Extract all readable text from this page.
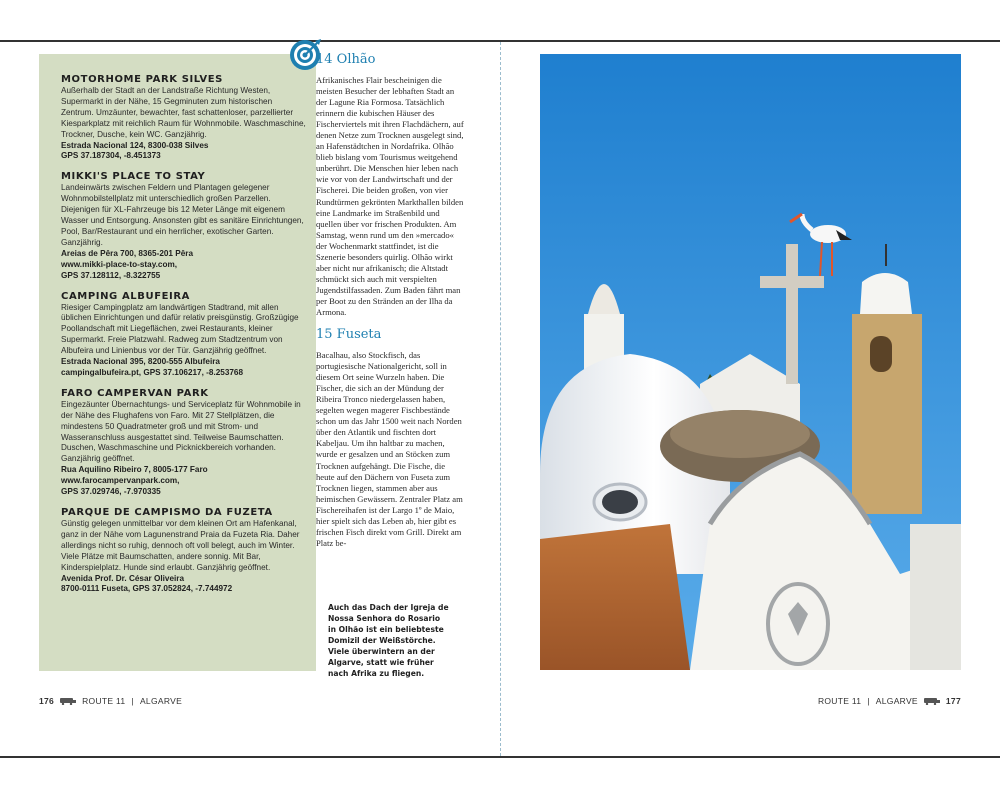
MOTORHOME PARK SILVES

Außerhalb der Stadt an der Landstraße Richtung Westen, Supermarkt in der Nähe, 15 Gegminuten zum historischen Zentrum. Umzäunter, bewachter, fast schattenloser, parzellierter Kiesparkplatz mit reichlich Raum für Wohnmobile. Waschmaschine, Trockner, Dusche, kein WC. Ganzjährig.

Estrada Nacional 124, 8300-038 Silves

GPS 37.187304, -8.451373

MIKKI'S PLACE TO STAY

Landeinwärts zwischen Feldern und Plantagen gelegener Wohnmobilstellplatz mit unterschiedlich großen Parzellen. Diejenigen für XL-Fahrzeuge bis 12 Meter Länge mit eigenem Wasser und Entsorgung. Ansonsten gibt es sanitäre Einrichtungen, Pool, Bar/Restaurant und ein herrlicher, exotischer Garten. Ganzjährig.

Areias de Pêra 700, 8365-201 Pêra

www.mikki-place-to-stay.com,

GPS 37.128112, -8.322755

CAMPING ALBUFEIRA

Riesiger Campingplatz am landwärtigen Stadtrand, mit allen üblichen Einrichtungen und dafür relativ preisgünstig. Großzügige Poollandschaft mit Liegeflächen, zwei Restaurants, kleiner Supermarkt. Freie Platzwahl. Radweg zum Stadtzentrum von Albufeira und Linienbus vor der Tür. Ganzjährig geöffnet.

Estrada Nacional 395, 8200-555 Albufeira

campingalbufeira.pt, GPS 37.106217, -8.253768

FARO CAMPERVAN PARK

Eingezäunter Übernachtungs- und Serviceplatz für Wohnmobile in der Nähe des Flughafens von Faro. Mit 27 Stellplätzen, die mindestens 50 Quadratmeter groß und mit Strom- und Wasseranschluss ausgestattet sind. Teilweise Baumschatten. Duschen, Waschmaschine und Picknickbereich vorhanden. Ganzjährig geöffnet.

Rua Aquilino Ribeiro 7, 8005-177 Faro

www.farocampervanpark.com,

GPS 37.029746, -7.970335

PARQUE DE CAMPISMO DA FUZETA

Günstig gelegen unmittelbar vor dem kleinen Ort am Hafenkanal, ganz in der Nähe vom Lagunenstrand Praia da Fuzeta Ria. Daher allerdings nicht so ruhig, dennoch oft voll belegt, auch im Winter. Viele Plätze mit Baumschatten, andere sonnig. Mit Bar, Kinderspielplatz. Hunde sind erlaubt. Ganzjährig geöffnet.

Avenida Prof. Dr. César Oliveira

8700-0111 Fuseta, GPS 37.052824, -7.744972

14 Olhão

Afrikanisches Flair bescheinigen die meisten Besucher der lebhaften Stadt an der Lagune Ria Formosa. Tatsächlich erinnern die kubischen Häuser des Fischerviertels mit ihren Flachdächern, auf denen Netze zum Trocknen ausgelegt sind, an Hafenstädtchen in Nordafrika. Olhão blieb bislang vom Tourismus weitgehend unberührt. Die Menschen hier leben nach wie vor von der Landwirtschaft und der Fischerei. Die beiden großen, von vier Rundtürmen gekrönten Markthallen bilden eine Landmarke im Straßenbild und quellen über vor frischen Produkten. Am Samstag, wenn rund um den »mercado« der Wochenmarkt stattfindet, ist die Szenerie besonders quirlig. Olhão wirkt aber nicht nur afrikanisch; die Altstadt schmückt sich auch mit verspielten Jugendstilfassaden. Zum Baden fährt man per Boot zu den Stränden an der Ilha da Armona.

15 Fuseta

Bacalhau, also Stockfisch, das portugiesische Nationalgericht, soll in diesem Ort seine Wurzeln haben. Die Fischer, die sich an der Mündung der Ribeira Tronco niedergelassen haben, segelten wegen magerer Fischbestände schon um das Jahr 1500 weit nach Norden über den Atlantik und fischten dort Kabeljau. Um ihn haltbar zu machen, wurde er gesalzen und an Stöcken zum Trocknen aufgehängt. Die Fische, die heute auf den Dächern von Fuseta zum Trocknen liegen, stammen aber aus heimischen Gewässern. Zentraler Platz am Fischereihafen ist der Largo 1º de Maio, hier spielt sich das Leben ab, hier gibt es frischen Fisch direkt vom Grill. Direkt am Platz be-

Auch das Dach der Igreja de Nossa Senhora do Rosario in Olhão ist ein beliebteste Domizil der Weißstörche. Viele überwintern an der Algarve, statt wie früher nach Afrika zu fliegen.

176	ROUTE 11 | ALGARVE	ROUTE 11 | ALGARVE	177
